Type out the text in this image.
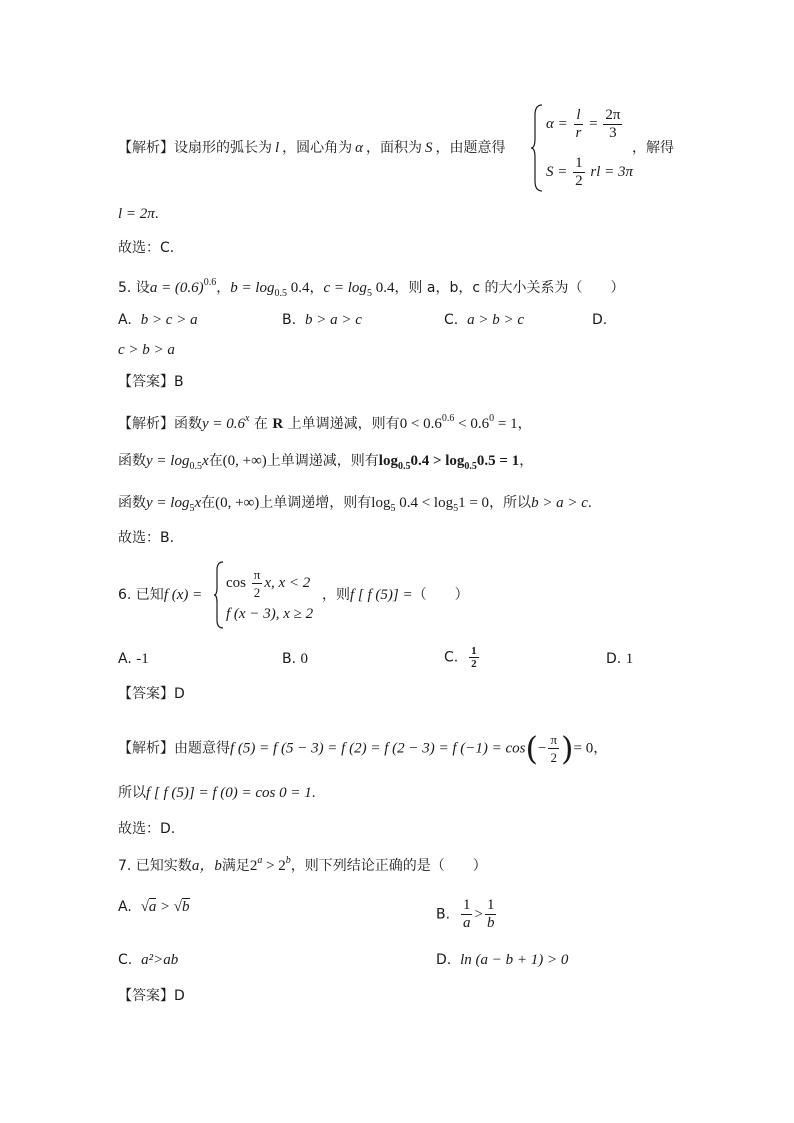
【解析】设扇形的弧长为 l ，圆心角为 α ，面积为 S ，由题意得
$\alpha = \frac{l}{r} = \frac{2\pi}{3}$
$S = \frac{1}{2}$ rl = 3π
，解得
l = 2π.
故选：C.
5. 设$a = (0.6)^{0.6}$，$b = \log_{0.5} 0.4$，$c = \log_5 0.4$，则 a，b，c 的大小关系为（　　）
A. b > c > a	B. b > a > c	C. a > b > c	D.
c > b > a
【答案】B
【解析】函数$y = 0.6^x$ 在 R 上单调递减，则有$0 < 0.6^{0.6} < 0.6^0 = 1$，
函数$y = \log_{0.5}x$在(0, +∞)上单调递减，则有$\log_{0.5}0.4 > \log_{0.5}0.5 = 1$，
函数$y = \log_5x$在(0, +∞)上单调递增，则有$\log_5 0.4 < \log_51 = 0$，所以b > a > c.
故选：B.
6. 已知f (x) =
$\cos \frac{\pi}{2} x$, x < 2
f (x − 3), x ≥ 2
，则f [ f (5)] =（　　）
A. -1	B. 0	C. $\frac{1}{2}$	D. 1
【答案】D
【解析】由题意得f (5) = f (5 − 3) = f (2) = f (2 − 3) = f $(-1) = \cos(- \frac{\pi}{2}$ )= 0，
所以f [ f (5)] = f (0) = cos 0 = 1.
故选：D.
7. 已知实数a，b满足$2^a > 2^b$，则下列结论正确的是（　　）
A. √a > √b	B. $\frac{1}{a} > \frac{1}{b}$
C. a²>ab	D. ln (a − b + 1) > 0
【答案】D
